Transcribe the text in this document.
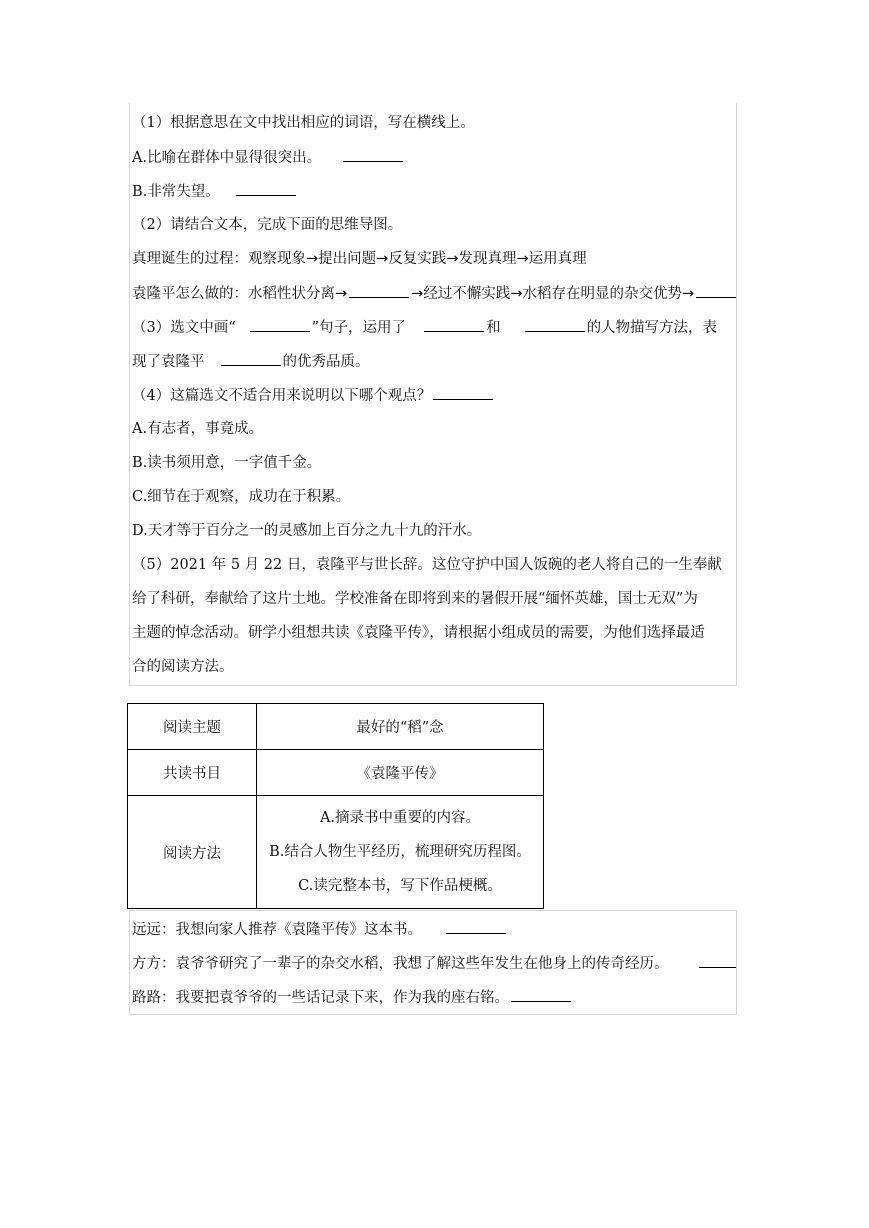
（1）根据意思在文中找出相应的词语，写在横线上。
A.比喻在群体中显得很突出。
B.非常失望。
（2）请结合文本，完成下面的思维导图。
真理诞生的过程：观察现象→提出问题→反复实践→发现真理→运用真理
袁隆平怎么做的：水稻性状分离→	→经过不懈实践→水稻存在明显的杂交优势→
（3）选文中画“	”句子，运用了	和	的人物描写方法，表
现了袁隆平	的优秀品质。
（4）这篇选文不适合用来说明以下哪个观点？
A.有志者，事竟成。
B.读书须用意，一字值千金。
C.细节在于观察，成功在于积累。
D.天才等于百分之一的灵感加上百分之九十九的汗水。
（5）2021 年 5 月 22 日，袁隆平与世长辞。这位守护中国人饭碗的老人将自己的一生奉献
给了科研，奉献给了这片土地。学校准备在即将到来的暑假开展“缅怀英雄，国士无双”为
主题的悼念活动。研学小组想共读《袁隆平传》，请根据小组成员的需要，为他们选择最适
合的阅读方法。
阅读主题	最好的“稻”念
共读书目	《袁隆平传》
阅读方法	A.摘录书中重要的内容。
B.结合人物生平经历，梳理研究历程图。
C.读完整本书，写下作品梗概。
远远：我想向家人推荐《袁隆平传》这本书。
方方：袁爷爷研究了一辈子的杂交水稻，我想了解这些年发生在他身上的传奇经历。
路路：我要把袁爷爷的一些话记录下来，作为我的座右铭。
